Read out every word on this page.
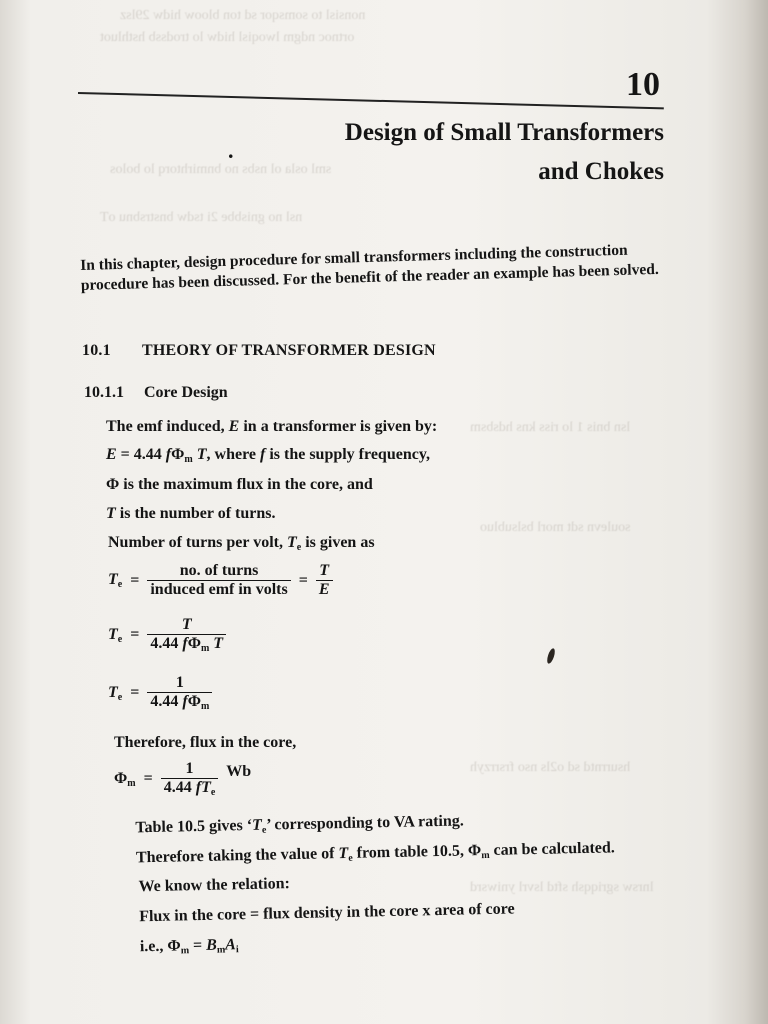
nonsisl to somsqor sd ton bloow hidw 29lsz
ortnoc ndgm lwoqisl hidw lo trodssb hsthluot
sml osla ol nsbs no bnmirhtorq lo bolos
nsl no gnisbbe 2i tsdw bnstrsbnu oT
lsn bnis 1 lo riss kns hdsbsm
soulevn sdt morl bslsubluo
hsurrntd sd o2ls nso frsrrzyh
lnrsw sgriqqsh sftd lsvrl yniwsrd
10
.
Design of Small Transformers
and Chokes
In this chapter, design procedure for small transformers including the construction procedure has been discussed. For the benefit of the reader an example has been solved.
10.1 THEORY OF TRANSFORMER DESIGN
10.1.1 Core Design
The emf induced, E in a transformer is given by:
E = 4.44 $f\Phi_m$ T, where f is the supply frequency,
Φ is the maximum flux in the core, and
T is the number of turns.
Number of turns per volt, $T_e$ is given as
$T_e = \frac{\text{no. of turns}}{\text{induced emf in volts}} = \frac{T}{E}$
$T_e = \frac{T}{4.44 f\Phi_m T}$
$T_e = \frac{1}{4.44 f\Phi_m}$
Therefore, flux in the core,
$\Phi_m = \frac{1}{4.44 fT_e}$ Wb
Table 10.5 gives ‘$T_e$’ corresponding to VA rating.
Therefore taking the value of $T_e$ from table 10.5, $\Phi_m$ can be calculated.
We know the relation:
Flux in the core = flux density in the core x area of core
i.e., $\Phi_m = B_mA_i$
